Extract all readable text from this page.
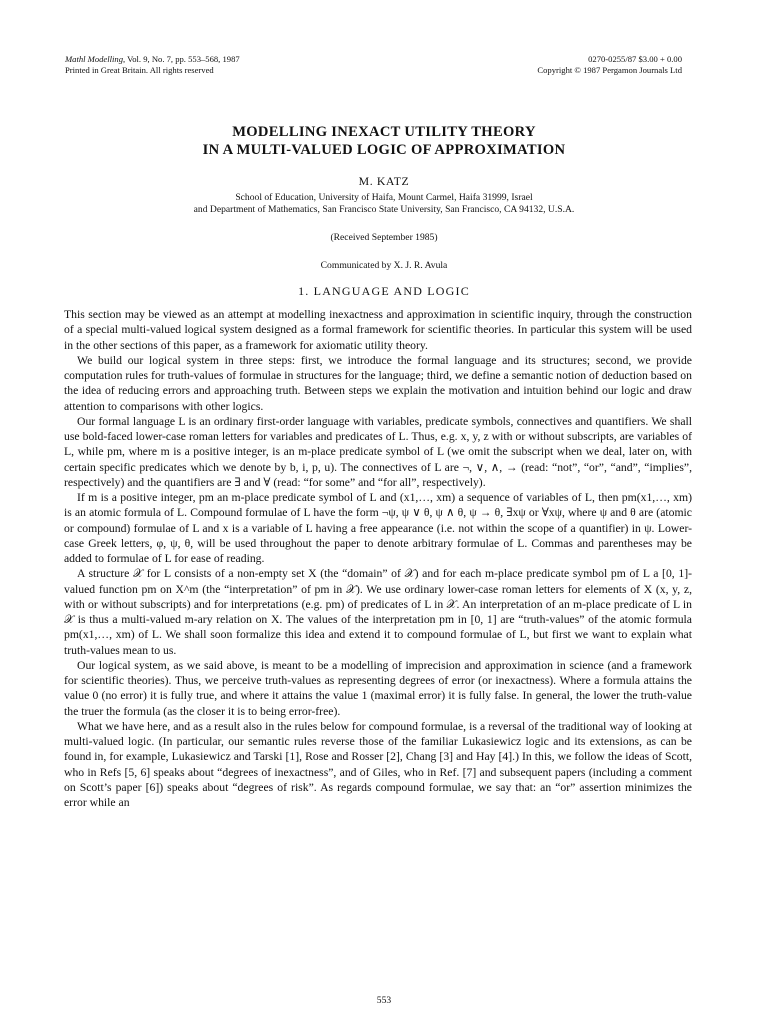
Mathl Modelling, Vol. 9, No. 7, pp. 553–568, 1987
Printed in Great Britain. All rights reserved
0270-0255/87 $3.00 + 0.00
Copyright © 1987 Pergamon Journals Ltd
MODELLING INEXACT UTILITY THEORY
IN A MULTI-VALUED LOGIC OF APPROXIMATION
M. KATZ
School of Education, University of Haifa, Mount Carmel, Haifa 31999, Israel
and Department of Mathematics, San Francisco State University, San Francisco, CA 94132, U.S.A.
(Received September 1985)
Communicated by X. J. R. Avula
1. LANGUAGE AND LOGIC

This section may be viewed as an attempt at modelling inexactness and approximation in scientific inquiry, through the construction of a special multi-valued logical system designed as a formal framework for scientific theories. In particular this system will be used in the other sections of this paper, as a framework for axiomatic utility theory.

We build our logical system in three steps: first, we introduce the formal language and its structures; second, we provide computation rules for truth-values of formulae in structures for the language; third, we define a semantic notion of deduction based on the idea of reducing errors and approaching truth. Between steps we explain the motivation and intuition behind our logic and draw attention to comparisons with other logics.

Our formal language L is an ordinary first-order language with variables, predicate symbols, connectives and quantifiers. We shall use bold-faced lower-case roman letters for variables and predicates of L. Thus, e.g. x, y, z with or without subscripts, are variables of L, while pm, where m is a positive integer, is an m-place predicate symbol of L (we omit the subscript when we deal, later on, with certain specific predicates which we denote by b, i, p, u). The connectives of L are ¬, ∨, ∧, → (read: “not”, “or”, “and”, “implies”, respectively) and the quantifiers are ∃ and ∀ (read: “for some” and “for all”, respectively).

If m is a positive integer, pm an m-place predicate symbol of L and (x1,…, xm) a sequence of variables of L, then pm(x1,…, xm) is an atomic formula of L. Compound formulae of L have the form ¬ψ, ψ ∨ θ, ψ ∧ θ, ψ → θ, ∃xψ or ∀xψ, where ψ and θ are (atomic or compound) formulae of L and x is a variable of L having a free appearance (i.e. not within the scope of a quantifier) in ψ. Lower-case Greek letters, φ, ψ, θ, will be used throughout the paper to denote arbitrary formulae of L. Commas and parentheses may be added to formulae of L for ease of reading.

A structure 𝒳 for L consists of a non-empty set X (the “domain” of 𝒳) and for each m-place predicate symbol pm of L a [0, 1]-valued function pm on X^m (the “interpretation” of pm in 𝒳). We use ordinary lower-case roman letters for elements of X (x, y, z, with or without subscripts) and for interpretations (e.g. pm) of predicates of L in 𝒳. An interpretation of an m-place predicate of L in 𝒳 is thus a multi-valued m-ary relation on X. The values of the interpretation pm in [0, 1] are “truth-values” of the atomic formula pm(x1,…, xm) of L. We shall soon formalize this idea and extend it to compound formulae of L, but first we want to explain what truth-values mean to us.

Our logical system, as we said above, is meant to be a modelling of imprecision and approximation in science (and a framework for scientific theories). Thus, we perceive truth-values as representing degrees of error (or inexactness). Where a formula attains the value 0 (no error) it is fully true, and where it attains the value 1 (maximal error) it is fully false. In general, the lower the truth-value the truer the formula (as the closer it is to being error-free).

What we have here, and as a result also in the rules below for compound formulae, is a reversal of the traditional way of looking at multi-valued logic. (In particular, our semantic rules reverse those of the familiar Lukasiewicz logic and its extensions, as can be found in, for example, Lukasiewicz and Tarski [1], Rose and Rosser [2], Chang [3] and Hay [4].) In this, we follow the ideas of Scott, who in Refs [5, 6] speaks about “degrees of inexactness”, and of Giles, who in Ref. [7] and subsequent papers (including a comment on Scott’s paper [6]) speaks about “degrees of risk”. As regards compound formulae, we say that: an “or” assertion minimizes the error while an

553
